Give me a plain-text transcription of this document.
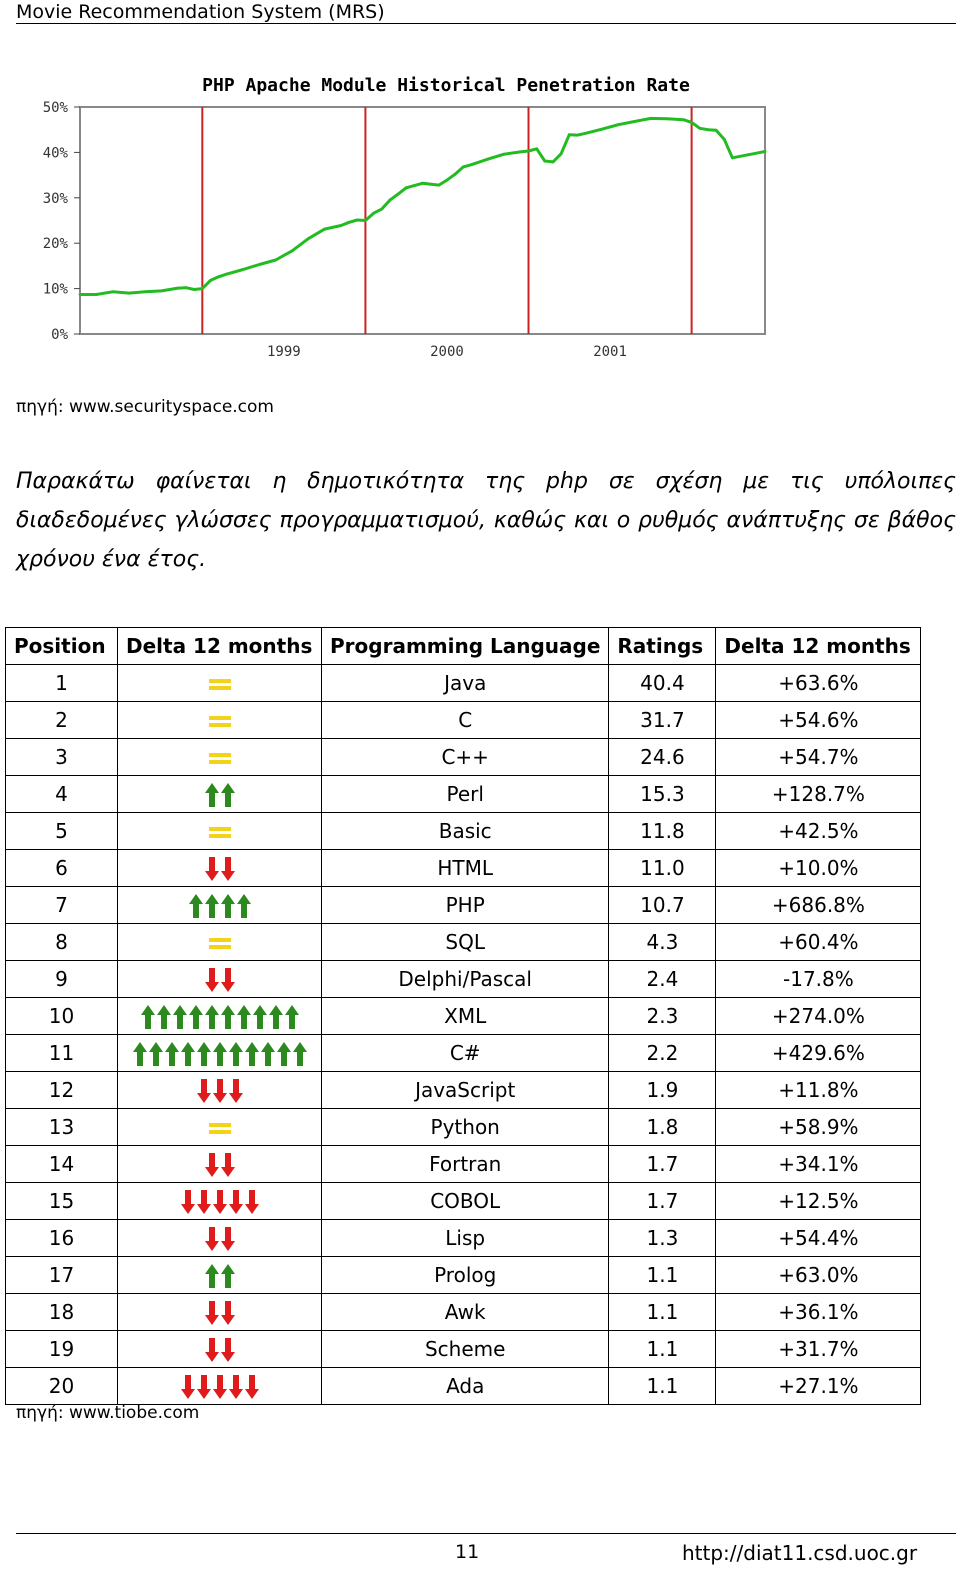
Movie Recommendation System (MRS)
PHP Apache Module Historical Penetration Rate
0%
10%
20%
30%
40%
50%
1999	2000	2001
πηγή: www.securityspace.com
Παρακάτω φαίνεται η δημοτικότητα της php σε σχέση με τις υπόλοιπες διαδεδομένες γλώσσες προγραμματισμού, καθώς και ο ρυθμός ανάπτυξης σε βάθος χρόνου ένα έτος.
Position	Delta 12 months	Programming Language	Ratings	Delta 12 months
1		Java	40.4	+63.6%
2		C	31.7	+54.6%
3		C++	24.6	+54.7%
4		Perl	15.3	+128.7%
5		Basic	11.8	+42.5%
6		HTML	11.0	+10.0%
7		PHP	10.7	+686.8%
8		SQL	4.3	+60.4%
9		Delphi/Pascal	2.4	-17.8%
10		XML	2.3	+274.0%
11		C#	2.2	+429.6%
12		JavaScript	1.9	+11.8%
13		Python	1.8	+58.9%
14		Fortran	1.7	+34.1%
15		COBOL	1.7	+12.5%
16		Lisp	1.3	+54.4%
17		Prolog	1.1	+63.0%
18		Awk	1.1	+36.1%
19		Scheme	1.1	+31.7%
20		Ada	1.1	+27.1%
πηγή: www.tiobe.com
11	http://diat11.csd.uoc.gr
